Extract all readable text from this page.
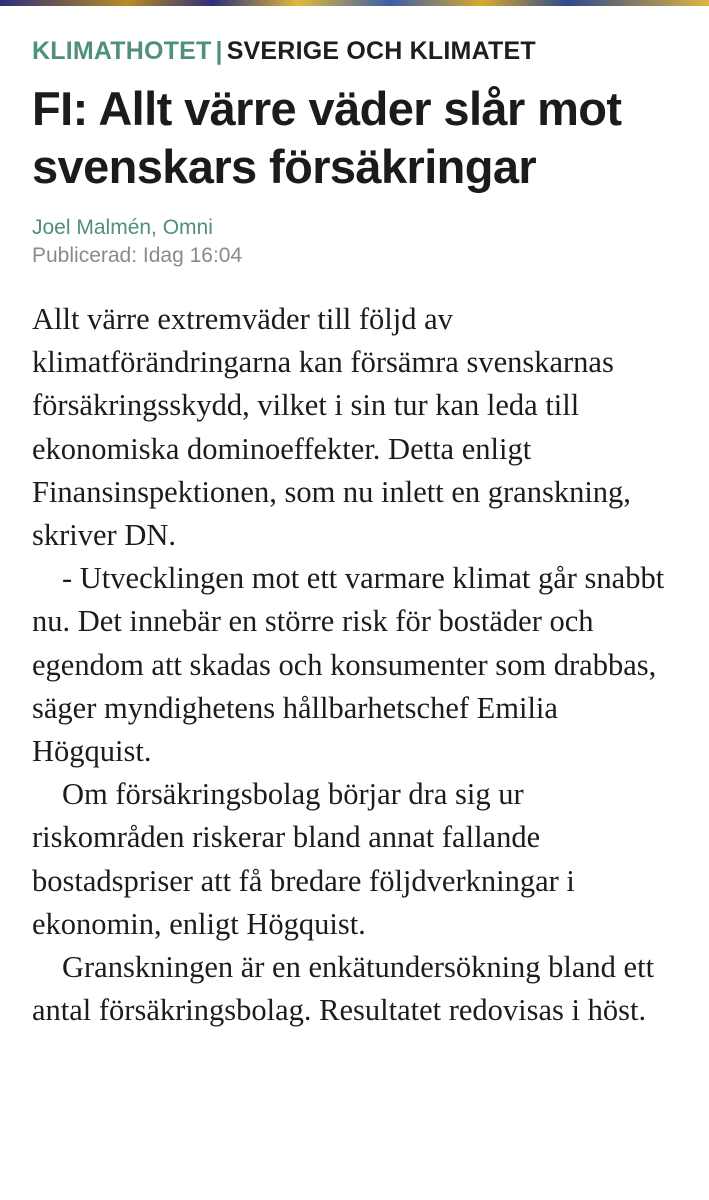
KLIMATHOTET | SVERIGE OCH KLIMATET
FI: Allt värre väder slår mot svenskars försäkringar
Joel Malmén, Omni
Publicerad: Idag 16:04

Allt värre extremväder till följd av klimatförändringarna kan försämra svenskarnas försäkringsskydd, vilket i sin tur kan leda till ekonomiska dominoeffekter. Detta enligt Finansinspektionen, som nu inlett en granskning, skriver DN.

- Utvecklingen mot ett varmare klimat går snabbt nu. Det innebär en större risk för bostäder och egendom att skadas och konsumenter som drabbas, säger myndighetens hållbarhetschef Emilia Högquist.

Om försäkringsbolag börjar dra sig ur riskområden riskerar bland annat fallande bostadspriser att få bredare följdverkningar i ekonomin, enligt Högquist.

Granskningen är en enkätundersökning bland ett antal försäkringsbolag. Resultatet redovisas i höst.
